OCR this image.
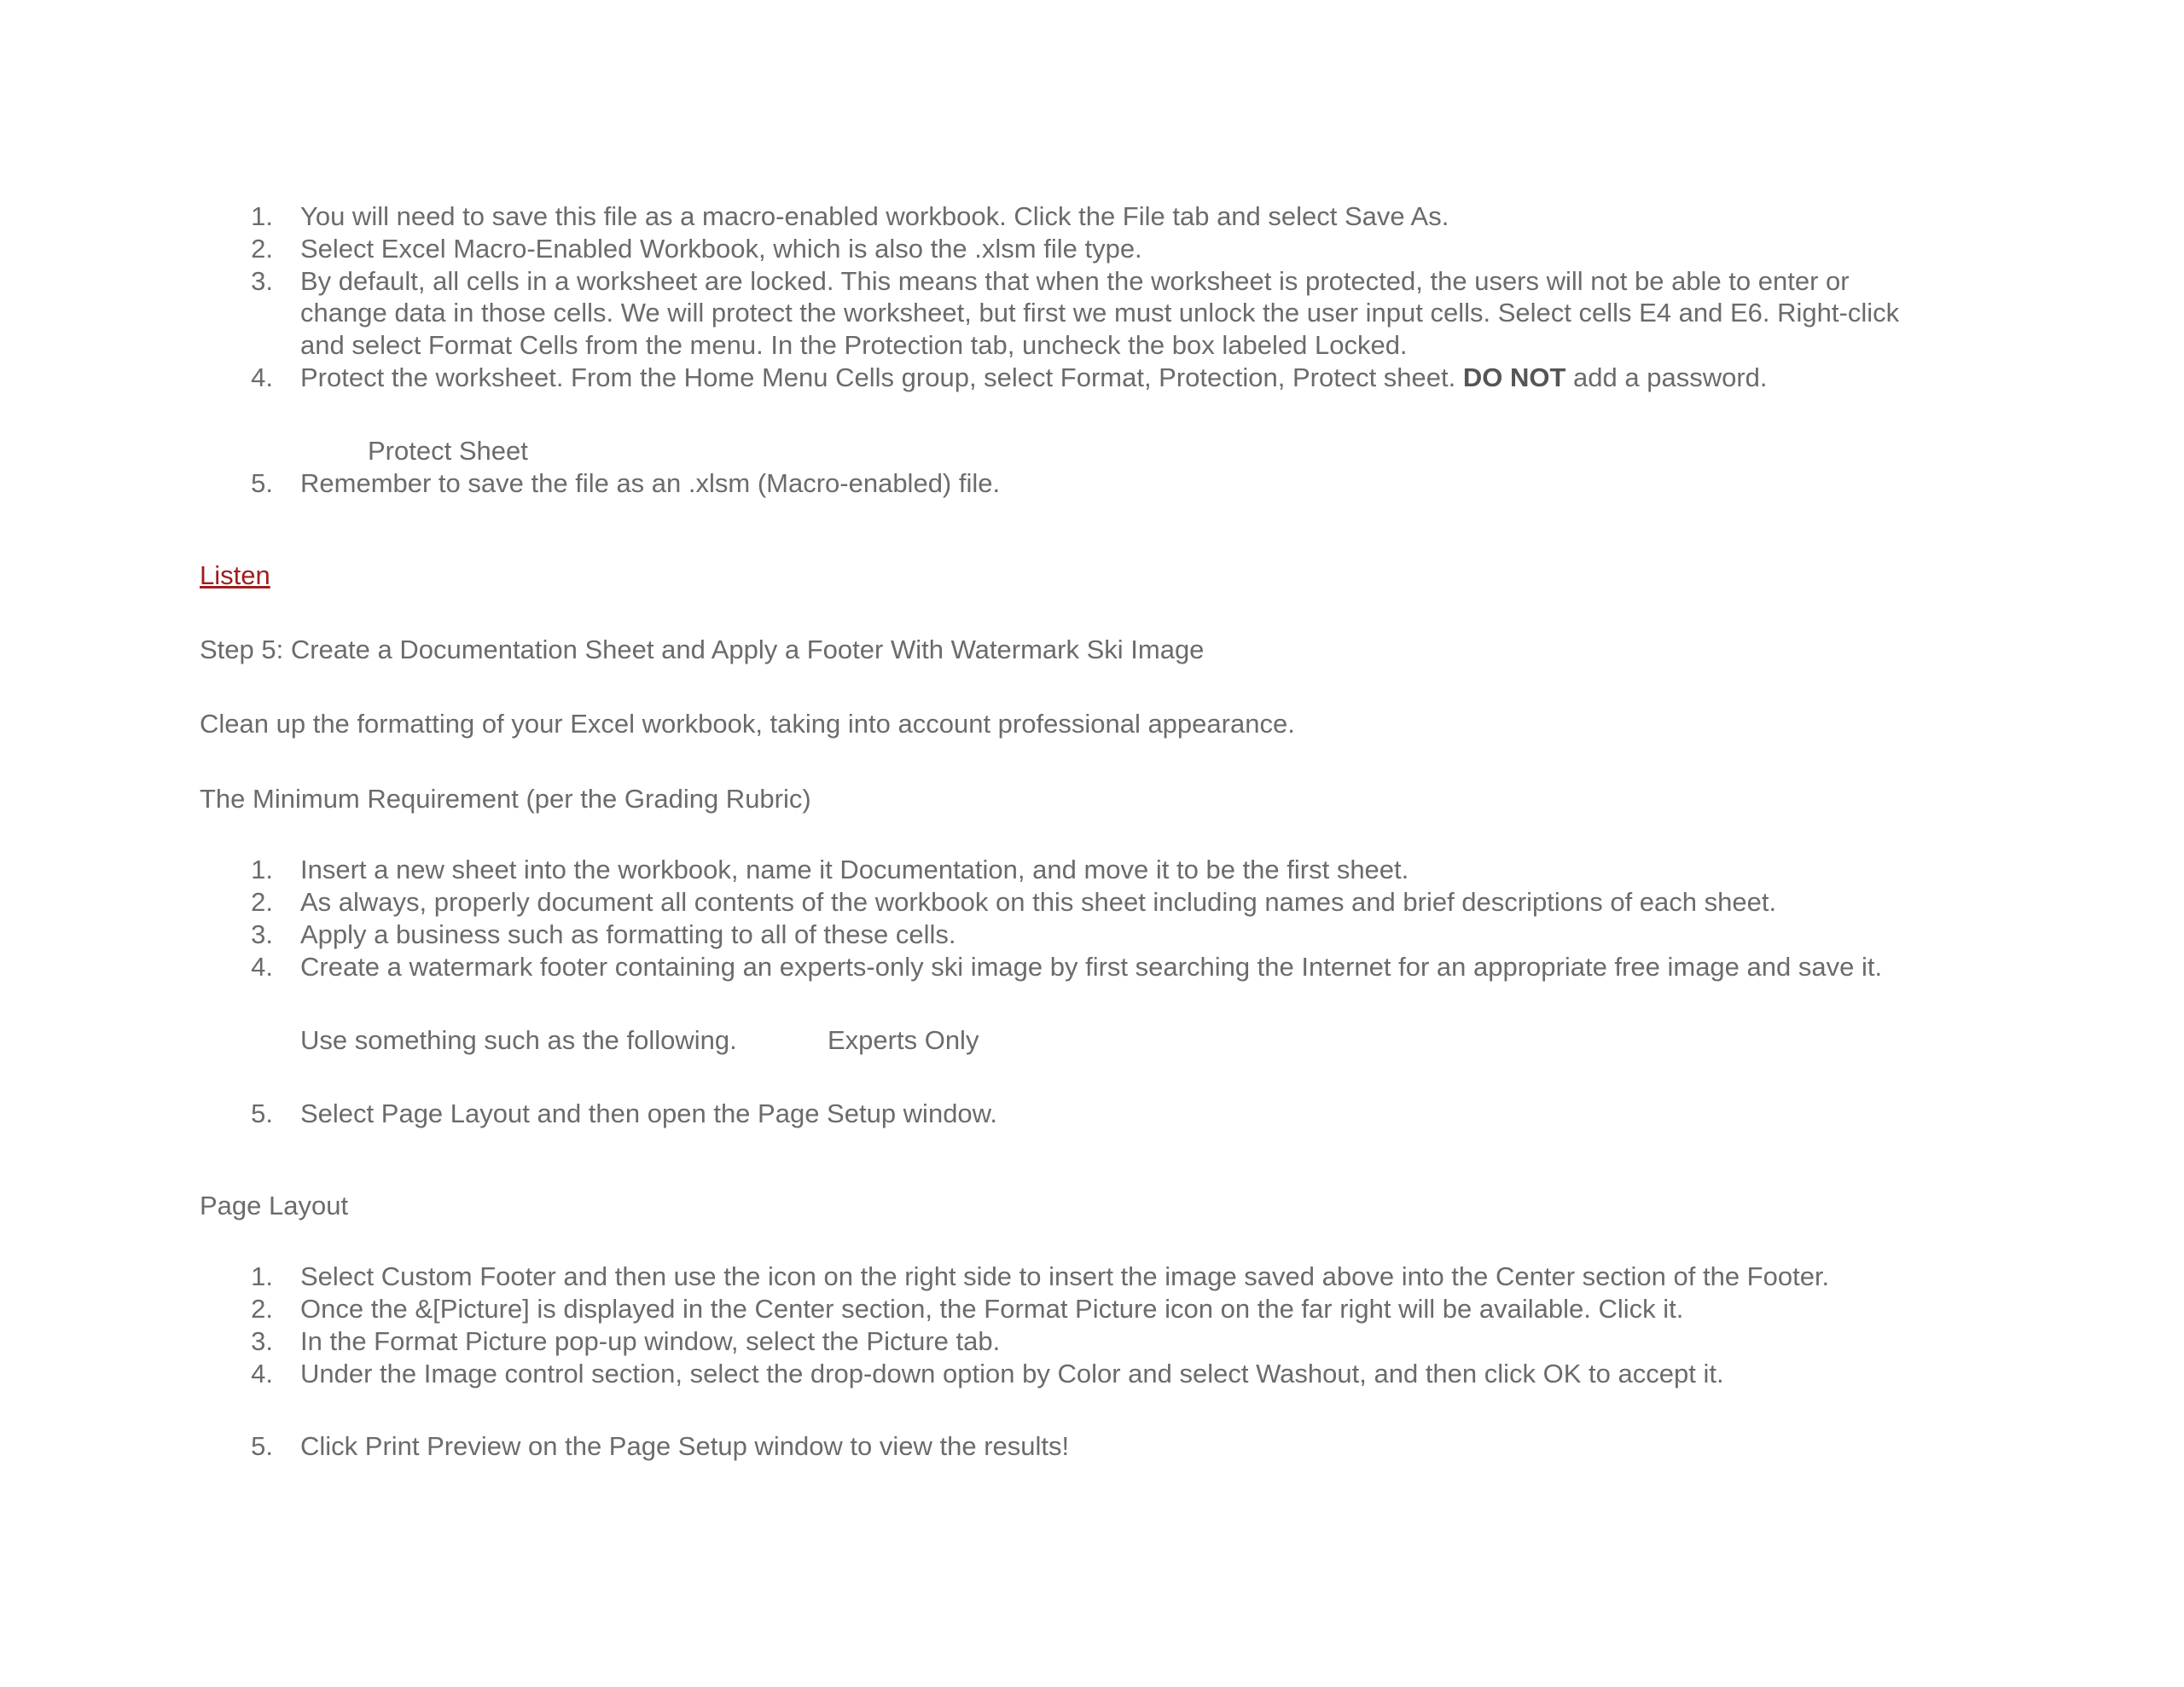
1. You will need to save this file as a macro-enabled workbook. Click the File tab and select Save As.
2. Select Excel Macro-Enabled Workbook, which is also the .xlsm file type.
3. By default, all cells in a worksheet are locked. This means that when the worksheet is protected, the users will not be able to enter or
change data in those cells. We will protect the worksheet, but first we must unlock the user input cells. Select cells E4 and E6. Right-click
and select Format Cells from the menu. In the Protection tab, uncheck the box labeled Locked.
4. Protect the worksheet. From the Home Menu Cells group, select Format, Protection, Protect sheet. DO NOT add a password.
Protect Sheet
5. Remember to save the file as an .xlsm (Macro-enabled) file.
Listen
Step 5: Create a Documentation Sheet and Apply a Footer With Watermark Ski Image
Clean up the formatting of your Excel workbook, taking into account professional appearance.
The Minimum Requirement (per the Grading Rubric)
1. Insert a new sheet into the workbook, name it Documentation, and move it to be the first sheet.
2. As always, properly document all contents of the workbook on this sheet including names and brief descriptions of each sheet.
3. Apply a business such as formatting to all of these cells.
4. Create a watermark footer containing an experts-only ski image by first searching the Internet for an appropriate free image and save it.
Use something such as the following.	Experts Only
5. Select Page Layout and then open the Page Setup window.
Page Layout
1. Select Custom Footer and then use the icon on the right side to insert the image saved above into the Center section of the Footer.
2. Once the &[Picture] is displayed in the Center section, the Format Picture icon on the far right will be available. Click it.
3. In the Format Picture pop-up window, select the Picture tab.
4. Under the Image control section, select the drop-down option by Color and select Washout, and then click OK to accept it.
5. Click Print Preview on the Page Setup window to view the results!
